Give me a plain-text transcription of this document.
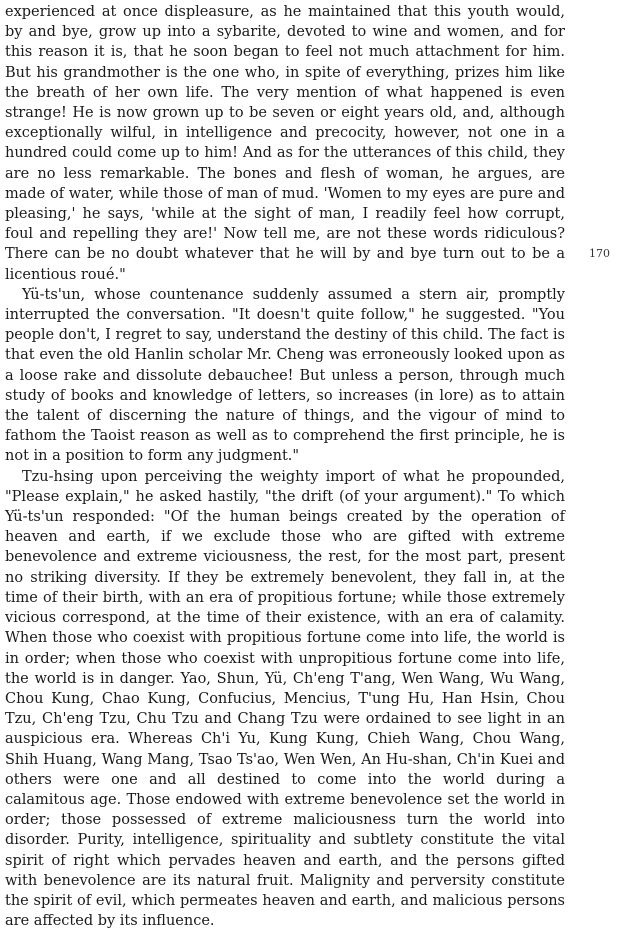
experienced at once displeasure, as he maintained that this youth would, by and bye, grow up into a sybarite, devoted to wine and women, and for this reason it is, that he soon began to feel not much attachment for him. But his grandmother is the one who, in spite of everything, prizes him like the breath of her own life. The very mention of what happened is even strange! He is now grown up to be seven or eight years old, and, although exceptionally wilful, in intelligence and precocity, however, not one in a hundred could come up to him! And as for the utterances of this child, they are no less remarkable. The bones and flesh of woman, he argues, are made of water, while those of man of mud. 'Women to my eyes are pure and pleasing,' he says, 'while at the sight of man, I readily feel how corrupt, foul and repelling they are!' Now tell me, are not these words ridiculous? There can be no doubt whatever that he will by and bye turn out to be a licentious roué."

Yü-ts'un, whose countenance suddenly assumed a stern air, promptly interrupted the conversation. "It doesn't quite follow," he suggested. "You people don't, I regret to say, understand the destiny of this child. The fact is that even the old Hanlin scholar Mr. Cheng was erroneously looked upon as a loose rake and dissolute debauchee! But unless a person, through much study of books and knowledge of letters, so increases (in lore) as to attain the talent of discerning the nature of things, and the vigour of mind to fathom the Taoist reason as well as to comprehend the first principle, he is not in a position to form any judgment."

Tzu-hsing upon perceiving the weighty import of what he propounded, "Please explain," he asked hastily, "the drift (of your argument)." To which Yü-ts'un responded: "Of the human beings created by the operation of heaven and earth, if we exclude those who are gifted with extreme benevolence and extreme viciousness, the rest, for the most part, present no striking diversity. If they be extremely benevolent, they fall in, at the time of their birth, with an era of propitious fortune; while those extremely vicious correspond, at the time of their existence, with an era of calamity. When those who coexist with propitious fortune come into life, the world is in order; when those who coexist with unpropitious fortune come into life, the world is in danger. Yao, Shun, Yü, Ch'eng T'ang, Wen Wang, Wu Wang, Chou Kung, Chao Kung, Confucius, Mencius, T'ung Hu, Han Hsin, Chou Tzu, Ch'eng Tzu, Chu Tzu and Chang Tzu were ordained to see light in an auspicious era. Whereas Ch'i Yu, Kung Kung, Chieh Wang, Chou Wang, Shih Huang, Wang Mang, Tsao Ts'ao, Wen Wen, An Hu-shan, Ch'in Kuei and others were one and all destined to come into the world during a calamitous age. Those endowed with extreme benevolence set the world in order; those possessed of extreme maliciousness turn the world into disorder. Purity, intelligence, spirituality and subtlety constitute the vital spirit of right which pervades heaven and earth, and the persons gifted with benevolence are its natural fruit. Malignity and perversity constitute the spirit of evil, which permeates heaven and earth, and malicious persons are affected by its influence.

170
